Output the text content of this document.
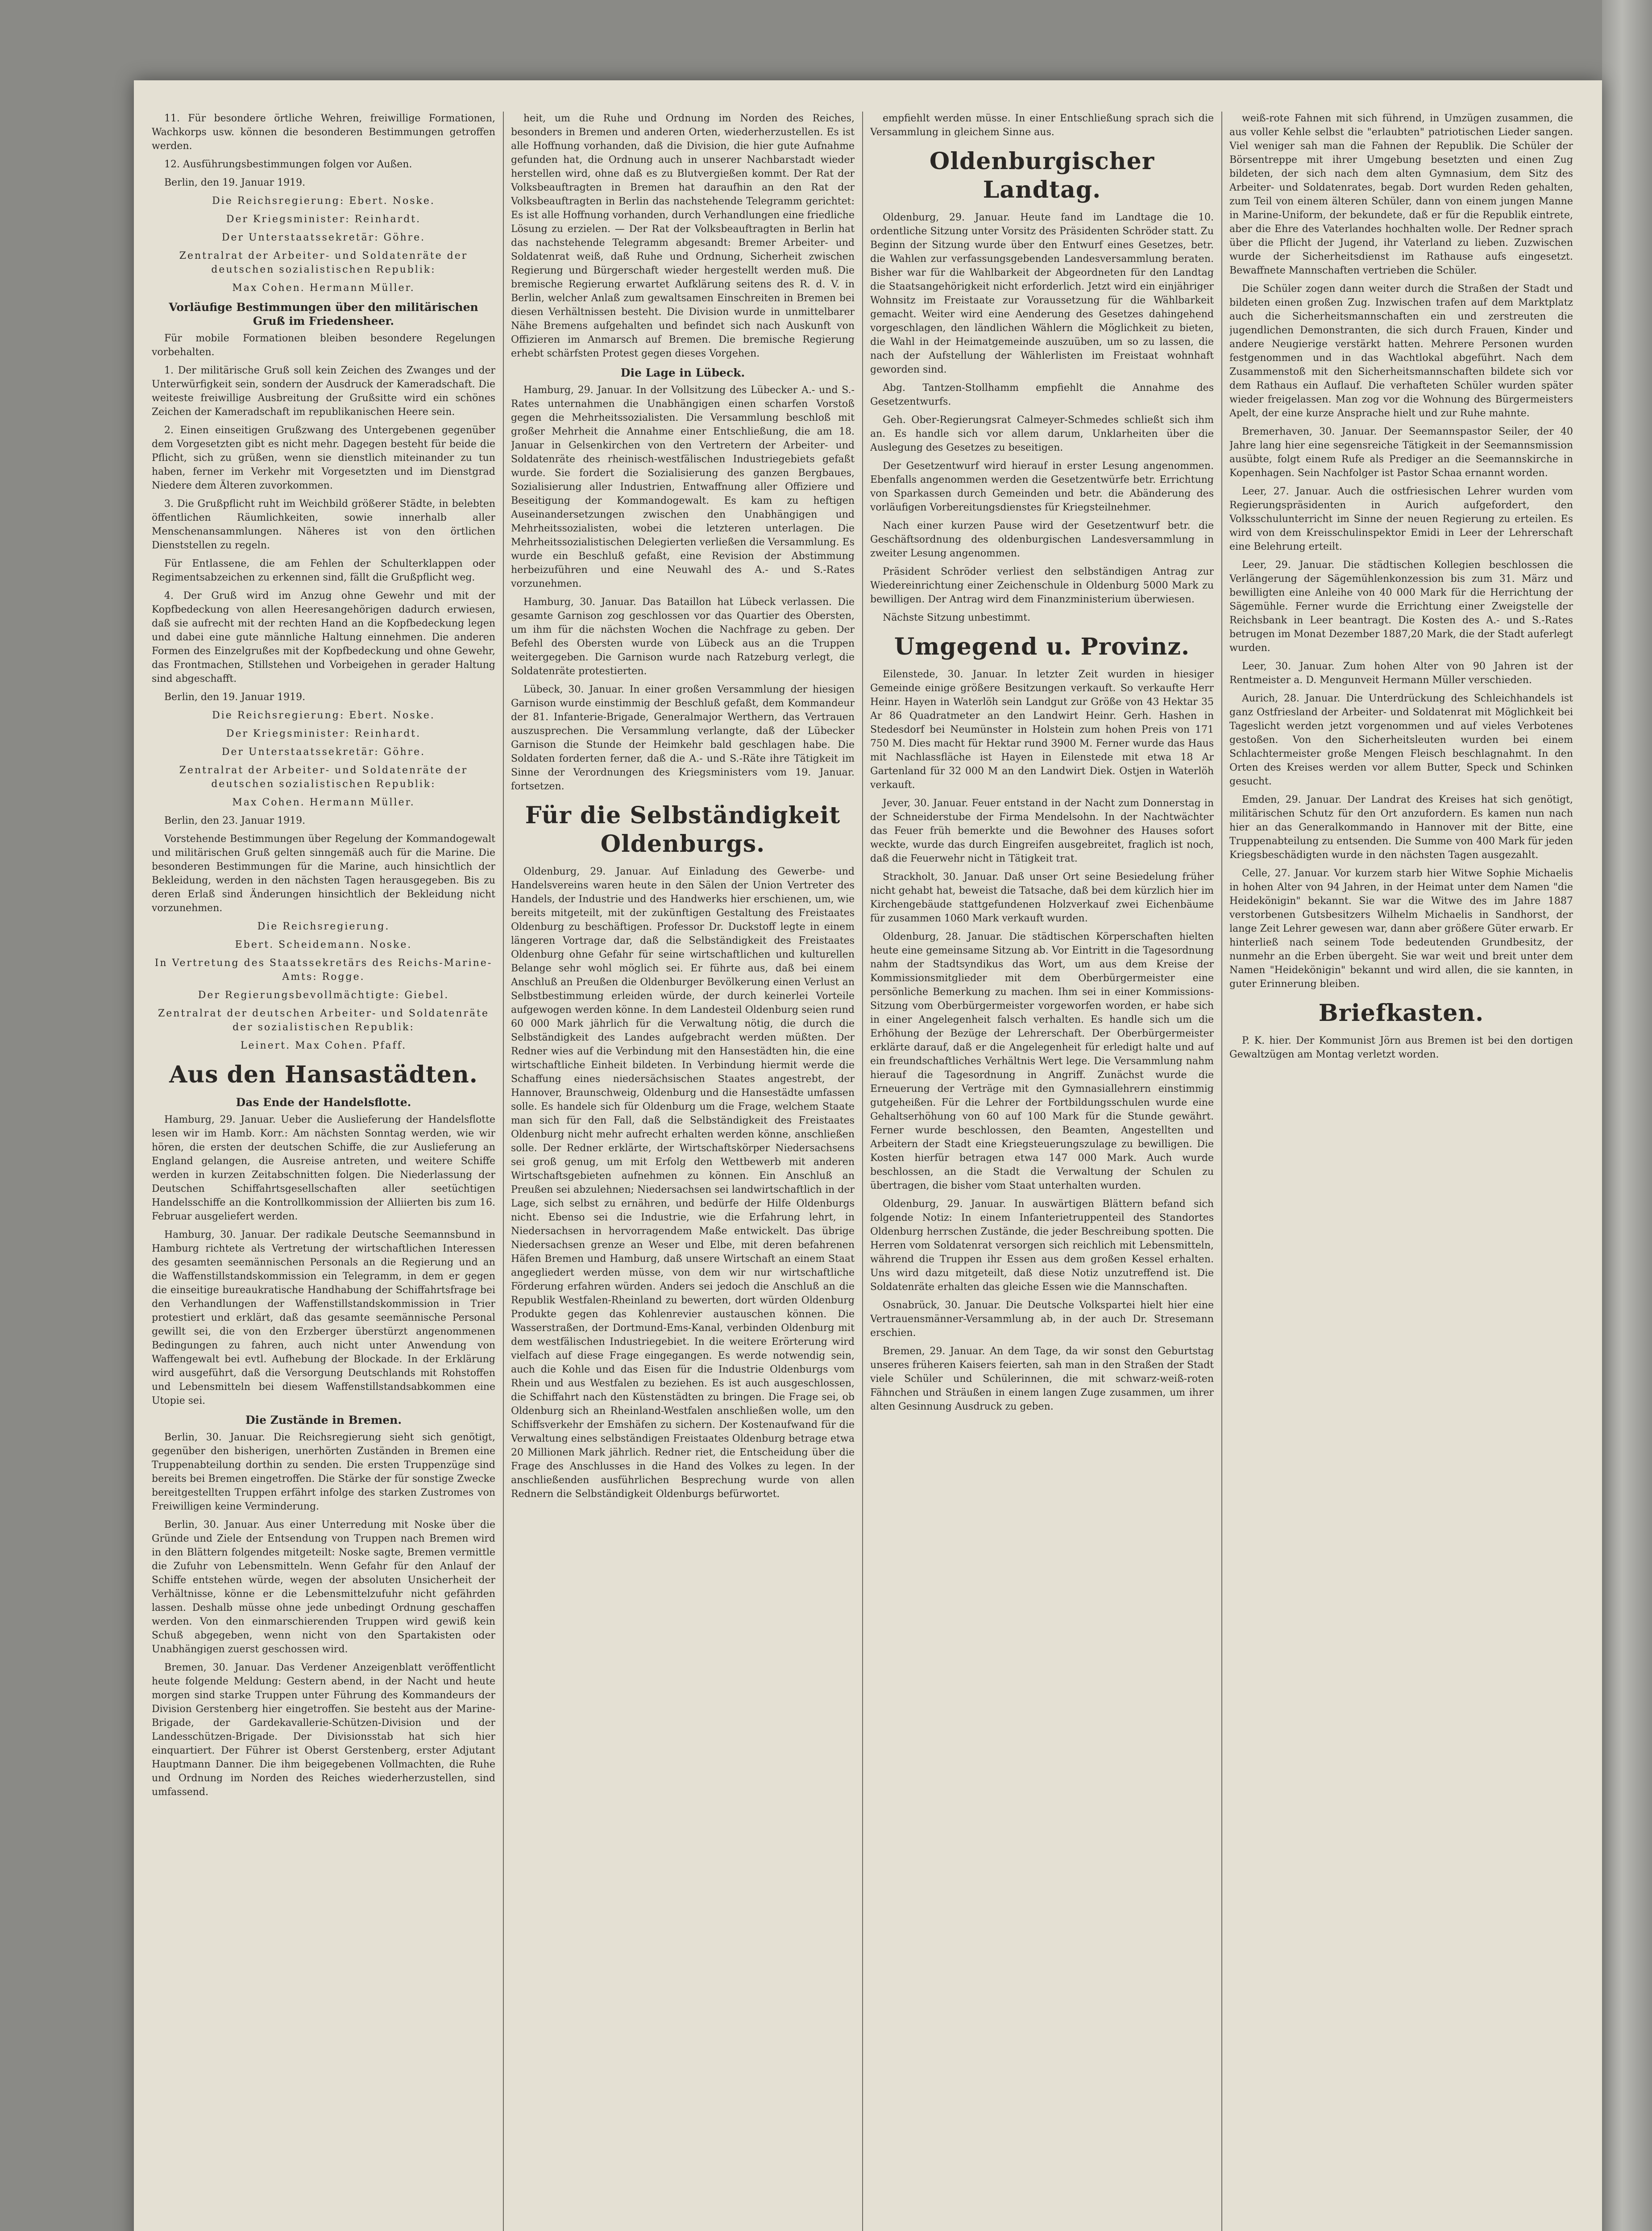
11. Für besondere örtliche Wehren, freiwillige Formationen, Wachkorps usw. können die besonderen Bestimmungen getroffen werden.

12. Ausführungsbestimmungen folgen vor Außen.

Berlin, den 19. Januar 1919.

Die Reichsregierung: Ebert. Noske.

Der Kriegsminister: Reinhardt.

Der Unterstaatssekretär: Göhre.

Zentralrat der Arbeiter- und Soldatenräte der deutschen sozialistischen Republik:

Max Cohen. Hermann Müller.

Vorläufige Bestimmungen über den militärischen Gruß im Friedensheer.

Für mobile Formationen bleiben besondere Regelungen vorbehalten.

1. Der militärische Gruß soll kein Zeichen des Zwanges und der Unterwürfigkeit sein, sondern der Ausdruck der Kameradschaft. Die weiteste freiwillige Ausbreitung der Grußsitte wird ein schönes Zeichen der Kameradschaft im republikanischen Heere sein.

2. Einen einseitigen Grußzwang des Untergebenen gegenüber dem Vorgesetzten gibt es nicht mehr. Dagegen besteht für beide die Pflicht, sich zu grüßen, wenn sie dienstlich miteinander zu tun haben, ferner im Verkehr mit Vorgesetzten und im Dienstgrad Niedere dem Älteren zuvorkommen.

3. Die Grußpflicht ruht im Weichbild größerer Städte, in belebten öffentlichen Räumlichkeiten, sowie innerhalb aller Menschenansammlungen. Näheres ist von den örtlichen Dienststellen zu regeln.

Für Entlassene, die am Fehlen der Schulterklappen oder Regimentsabzeichen zu erkennen sind, fällt die Grußpflicht weg.

4. Der Gruß wird im Anzug ohne Gewehr und mit der Kopfbedeckung von allen Heeresangehörigen dadurch erwiesen, daß sie aufrecht mit der rechten Hand an die Kopfbedeckung legen und dabei eine gute männliche Haltung einnehmen. Die anderen Formen des Einzelgrußes mit der Kopfbedeckung und ohne Gewehr, das Frontmachen, Stillstehen und Vorbeigehen in gerader Haltung sind abgeschafft.

Berlin, den 19. Januar 1919.

Die Reichsregierung: Ebert. Noske.

Der Kriegsminister: Reinhardt.

Der Unterstaatssekretär: Göhre.

Zentralrat der Arbeiter- und Soldatenräte der deutschen sozialistischen Republik:

Max Cohen. Hermann Müller.

Berlin, den 23. Januar 1919.

Vorstehende Bestimmungen über Regelung der Kommandogewalt und militärischen Gruß gelten sinngemäß auch für die Marine. Die besonderen Bestimmungen für die Marine, auch hinsichtlich der Bekleidung, werden in den nächsten Tagen herausgegeben. Bis zu deren Erlaß sind Änderungen hinsichtlich der Bekleidung nicht vorzunehmen.

Die Reichsregierung.

Ebert. Scheidemann. Noske.

In Vertretung des Staatssekretärs des Reichs-Marine-Amts: Rogge.

Der Regierungsbevollmächtigte: Giebel.

Zentralrat der deutschen Arbeiter- und Soldatenräte der sozialistischen Republik:

Leinert. Max Cohen. Pfaff.

Aus den Hansastädten.
Das Ende der Handelsflotte.

Hamburg, 29. Januar. Ueber die Auslieferung der Handelsflotte lesen wir im Hamb. Korr.: Am nächsten Sonntag werden, wie wir hören, die ersten der deutschen Schiffe, die zur Auslieferung an England gelangen, die Ausreise antreten, und weitere Schiffe werden in kurzen Zeitabschnitten folgen. Die Niederlassung der Deutschen Schiffahrtsgesellschaften aller seetüchtigen Handelsschiffe an die Kontrollkommission der Alliierten bis zum 16. Februar ausgeliefert werden.

Hamburg, 30. Januar. Der radikale Deutsche Seemannsbund in Hamburg richtete als Vertretung der wirtschaftlichen Interessen des gesamten seemännischen Personals an die Regierung und an die Waffenstillstandskommission ein Telegramm, in dem er gegen die einseitige bureaukratische Handhabung der Schiffahrtsfrage bei den Verhandlungen der Waffenstillstandskommission in Trier protestiert und erklärt, daß das gesamte seemännische Personal gewillt sei, die von den Erzberger überstürzt angenommenen Bedingungen zu fahren, auch nicht unter Anwendung von Waffengewalt bei evtl. Aufhebung der Blockade. In der Erklärung wird ausgeführt, daß die Versorgung Deutschlands mit Rohstoffen und Lebensmitteln bei diesem Waffenstillstandsabkommen eine Utopie sei.

Die Zustände in Bremen.

Berlin, 30. Januar. Die Reichsregierung sieht sich genötigt, gegenüber den bisherigen, unerhörten Zuständen in Bremen eine Truppenabteilung dorthin zu senden. Die ersten Truppenzüge sind bereits bei Bremen eingetroffen. Die Stärke der für sonstige Zwecke bereitgestellten Truppen erfährt infolge des starken Zustromes von Freiwilligen keine Verminderung.

Berlin, 30. Januar. Aus einer Unterredung mit Noske über die Gründe und Ziele der Entsendung von Truppen nach Bremen wird in den Blättern folgendes mitgeteilt: Noske sagte, Bremen vermittle die Zufuhr von Lebensmitteln. Wenn Gefahr für den Anlauf der Schiffe entstehen würde, wegen der absoluten Unsicherheit der Verhältnisse, könne er die Lebensmittelzufuhr nicht gefährden lassen. Deshalb müsse ohne jede unbedingt Ordnung geschaffen werden. Von den einmarschierenden Truppen wird gewiß kein Schuß abgegeben, wenn nicht von den Spartakisten oder Unabhängigen zuerst geschossen wird.

Bremen, 30. Januar. Das Verdener Anzeigenblatt veröffentlicht heute folgende Meldung: Gestern abend, in der Nacht und heute morgen sind starke Truppen unter Führung des Kommandeurs der Division Gerstenberg hier eingetroffen. Sie besteht aus der Marine-Brigade, der Gardekavallerie-Schützen-Division und der Landesschützen-Brigade. Der Divisionsstab hat sich hier einquartiert. Der Führer ist Oberst Gerstenberg, erster Adjutant Hauptmann Danner. Die ihm beigegebenen Vollmachten, die Ruhe und Ordnung im Norden des Reiches wiederherzustellen, sind umfassend.

heit, um die Ruhe und Ordnung im Norden des Reiches, besonders in Bremen und anderen Orten, wiederherzustellen. Es ist alle Hoffnung vorhanden, daß die Division, die hier gute Aufnahme gefunden hat, die Ordnung auch in unserer Nachbarstadt wieder herstellen wird, ohne daß es zu Blutvergießen kommt. Der Rat der Volksbeauftragten in Bremen hat daraufhin an den Rat der Volksbeauftragten in Berlin das nachstehende Telegramm gerichtet: Es ist alle Hoffnung vorhanden, durch Verhandlungen eine friedliche Lösung zu erzielen. — Der Rat der Volksbeauftragten in Berlin hat das nachstehende Telegramm abgesandt: Bremer Arbeiter- und Soldatenrat weiß, daß Ruhe und Ordnung, Sicherheit zwischen Regierung und Bürgerschaft wieder hergestellt werden muß. Die bremische Regierung erwartet Aufklärung seitens des R. d. V. in Berlin, welcher Anlaß zum gewaltsamen Einschreiten in Bremen bei diesen Verhältnissen besteht. Die Division wurde in unmittelbarer Nähe Bremens aufgehalten und befindet sich nach Auskunft von Offizieren im Anmarsch auf Bremen. Die bremische Regierung erhebt schärfsten Protest gegen dieses Vorgehen.

Die Lage in Lübeck.

Hamburg, 29. Januar. In der Vollsitzung des Lübecker A.- und S.-Rates unternahmen die Unabhängigen einen scharfen Vorstoß gegen die Mehrheitssozialisten. Die Versammlung beschloß mit großer Mehrheit die Annahme einer Entschließung, die am 18. Januar in Gelsenkirchen von den Vertretern der Arbeiter- und Soldatenräte des rheinisch-westfälischen Industriegebiets gefaßt wurde. Sie fordert die Sozialisierung des ganzen Bergbaues, Sozialisierung aller Industrien, Entwaffnung aller Offiziere und Beseitigung der Kommandogewalt. Es kam zu heftigen Auseinandersetzungen zwischen den Unabhängigen und Mehrheitssozialisten, wobei die letzteren unterlagen. Die Mehrheitssozialistischen Delegierten verließen die Versammlung. Es wurde ein Beschluß gefaßt, eine Revision der Abstimmung herbeizuführen und eine Neuwahl des A.- und S.-Rates vorzunehmen.

Hamburg, 30. Januar. Das Bataillon hat Lübeck verlassen. Die gesamte Garnison zog geschlossen vor das Quartier des Obersten, um ihm für die nächsten Wochen die Nachfrage zu geben. Der Befehl des Obersten wurde von Lübeck aus an die Truppen weitergegeben. Die Garnison wurde nach Ratzeburg verlegt, die Soldatenräte protestierten.

Lübeck, 30. Januar. In einer großen Versammlung der hiesigen Garnison wurde einstimmig der Beschluß gefaßt, dem Kommandeur der 81. Infanterie-Brigade, Generalmajor Werthern, das Vertrauen auszusprechen. Die Versammlung verlangte, daß der Lübecker Garnison die Stunde der Heimkehr bald geschlagen habe. Die Soldaten forderten ferner, daß die A.- und S.-Räte ihre Tätigkeit im Sinne der Verordnungen des Kriegsministers vom 19. Januar. fortsetzen.

Für die Selbständigkeit Oldenburgs.

Oldenburg, 29. Januar. Auf Einladung des Gewerbe- und Handelsvereins waren heute in den Sälen der Union Vertreter des Handels, der Industrie und des Handwerks hier erschienen, um, wie bereits mitgeteilt, mit der zukünftigen Gestaltung des Freistaates Oldenburg zu beschäftigen. Professor Dr. Duckstoff legte in einem längeren Vortrage dar, daß die Selbständigkeit des Freistaates Oldenburg ohne Gefahr für seine wirtschaftlichen und kulturellen Belange sehr wohl möglich sei. Er führte aus, daß bei einem Anschluß an Preußen die Oldenburger Bevölkerung einen Verlust an Selbstbestimmung erleiden würde, der durch keinerlei Vorteile aufgewogen werden könne. In dem Landesteil Oldenburg seien rund 60 000 Mark jährlich für die Verwaltung nötig, die durch die Selbständigkeit des Landes aufgebracht werden müßten. Der Redner wies auf die Verbindung mit den Hansestädten hin, die eine wirtschaftliche Einheit bildeten. In Verbindung hiermit werde die Schaffung eines niedersächsischen Staates angestrebt, der Hannover, Braunschweig, Oldenburg und die Hansestädte umfassen solle. Es handele sich für Oldenburg um die Frage, welchem Staate man sich für den Fall, daß die Selbständigkeit des Freistaates Oldenburg nicht mehr aufrecht erhalten werden könne, anschließen solle. Der Redner erklärte, der Wirtschaftskörper Niedersachsens sei groß genug, um mit Erfolg den Wettbewerb mit anderen Wirtschaftsgebieten aufnehmen zu können. Ein Anschluß an Preußen sei abzulehnen; Niedersachsen sei landwirtschaftlich in der Lage, sich selbst zu ernähren, und bedürfe der Hilfe Oldenburgs nicht. Ebenso sei die Industrie, wie die Erfahrung lehrt, in Niedersachsen in hervorragendem Maße entwickelt. Das übrige Niedersachsen grenze an Weser und Elbe, mit deren befahrenen Häfen Bremen und Hamburg, daß unsere Wirtschaft an einem Staat angegliedert werden müsse, von dem wir nur wirtschaftliche Förderung erfahren würden. Anders sei jedoch die Anschluß an die Republik Westfalen-Rheinland zu bewerten, dort würden Oldenburg Produkte gegen das Kohlenrevier austauschen können. Die Wasserstraßen, der Dortmund-Ems-Kanal, verbinden Oldenburg mit dem westfälischen Industriegebiet. In die weitere Erörterung wird vielfach auf diese Frage eingegangen. Es werde notwendig sein, auch die Kohle und das Eisen für die Industrie Oldenburgs vom Rhein und aus Westfalen zu beziehen. Es ist auch ausgeschlossen, die Schiffahrt nach den Küstenstädten zu bringen. Die Frage sei, ob Oldenburg sich an Rheinland-Westfalen anschließen wolle, um den Schiffsverkehr der Emshäfen zu sichern. Der Kostenaufwand für die Verwaltung eines selbständigen Freistaates Oldenburg betrage etwa 20 Millionen Mark jährlich. Redner riet, die Entscheidung über die Frage des Anschlusses in die Hand des Volkes zu legen. In der anschließenden ausführlichen Besprechung wurde von allen Rednern die Selbständigkeit Oldenburgs befürwortet.

empfiehlt werden müsse. In einer Entschließung sprach sich die Versammlung in gleichem Sinne aus.

Oldenburgischer Landtag.

Oldenburg, 29. Januar. Heute fand im Landtage die 10. ordentliche Sitzung unter Vorsitz des Präsidenten Schröder statt. Zu Beginn der Sitzung wurde über den Entwurf eines Gesetzes, betr. die Wahlen zur verfassungsgebenden Landesversammlung beraten. Bisher war für die Wahlbarkeit der Abgeordneten für den Landtag die Staatsangehörigkeit nicht erforderlich. Jetzt wird ein einjähriger Wohnsitz im Freistaate zur Voraussetzung für die Wählbarkeit gemacht. Weiter wird eine Aenderung des Gesetzes dahingehend vorgeschlagen, den ländlichen Wählern die Möglichkeit zu bieten, die Wahl in der Heimatgemeinde auszuüben, um so zu lassen, die nach der Aufstellung der Wählerlisten im Freistaat wohnhaft geworden sind.

Abg. Tantzen-Stollhamm empfiehlt die Annahme des Gesetzentwurfs.

Geh. Ober-Regierungsrat Calmeyer-Schmedes schließt sich ihm an. Es handle sich vor allem darum, Unklarheiten über die Auslegung des Gesetzes zu beseitigen.

Der Gesetzentwurf wird hierauf in erster Lesung angenommen. Ebenfalls angenommen werden die Gesetzentwürfe betr. Errichtung von Sparkassen durch Gemeinden und betr. die Abänderung des vorläufigen Vorbereitungsdienstes für Kriegsteilnehmer.

Nach einer kurzen Pause wird der Gesetzentwurf betr. die Geschäftsordnung des oldenburgischen Landesversammlung in zweiter Lesung angenommen.

Präsident Schröder verliest den selbständigen Antrag zur Wiedereinrichtung einer Zeichenschule in Oldenburg 5000 Mark zu bewilligen. Der Antrag wird dem Finanzministerium überwiesen.

Nächste Sitzung unbestimmt.

Umgegend u. Provinz.

Eilenstede, 30. Januar. In letzter Zeit wurden in hiesiger Gemeinde einige größere Besitzungen verkauft. So verkaufte Herr Heinr. Hayen in Waterlöh sein Landgut zur Größe von 43 Hektar 35 Ar 86 Quadratmeter an den Landwirt Heinr. Gerh. Hashen in Stedesdorf bei Neumünster in Holstein zum hohen Preis von 171 750 M. Dies macht für Hektar rund 3900 M. Ferner wurde das Haus mit Nachlassfläche ist Hayen in Eilenstede mit etwa 18 Ar Gartenland für 32 000 M an den Landwirt Diek. Ostjen in Waterlöh verkauft.

Jever, 30. Januar. Feuer entstand in der Nacht zum Donnerstag in der Schneiderstube der Firma Mendelsohn. In der Nachtwächter das Feuer früh bemerkte und die Bewohner des Hauses sofort weckte, wurde das durch Eingreifen ausgebreitet, fraglich ist noch, daß die Feuerwehr nicht in Tätigkeit trat.

Strackholt, 30. Januar. Daß unser Ort seine Besiedelung früher nicht gehabt hat, beweist die Tatsache, daß bei dem kürzlich hier im Kirchengebäude stattgefundenen Holzverkauf zwei Eichenbäume für zusammen 1060 Mark verkauft wurden.

Oldenburg, 28. Januar. Die städtischen Körperschaften hielten heute eine gemeinsame Sitzung ab. Vor Eintritt in die Tagesordnung nahm der Stadtsyndikus das Wort, um aus dem Kreise der Kommissionsmitglieder mit dem Oberbürgermeister eine persönliche Bemerkung zu machen. Ihm sei in einer Kommissions-Sitzung vom Oberbürgermeister vorgeworfen worden, er habe sich in einer Angelegenheit falsch verhalten. Es handle sich um die Erhöhung der Bezüge der Lehrerschaft. Der Oberbürgermeister erklärte darauf, daß er die Angelegenheit für erledigt halte und auf ein freundschaftliches Verhältnis Wert lege. Die Versammlung nahm hierauf die Tagesordnung in Angriff. Zunächst wurde die Erneuerung der Verträge mit den Gymnasiallehrern einstimmig gutgeheißen. Für die Lehrer der Fortbildungsschulen wurde eine Gehaltserhöhung von 60 auf 100 Mark für die Stunde gewährt. Ferner wurde beschlossen, den Beamten, Angestellten und Arbeitern der Stadt eine Kriegsteuerungszulage zu bewilligen. Die Kosten hierfür betragen etwa 147 000 Mark. Auch wurde beschlossen, an die Stadt die Verwaltung der Schulen zu übertragen, die bisher vom Staat unterhalten wurden.

Oldenburg, 29. Januar. In auswärtigen Blättern befand sich folgende Notiz: In einem Infanterietruppenteil des Standortes Oldenburg herrschen Zustände, die jeder Beschreibung spotten. Die Herren vom Soldatenrat versorgen sich reichlich mit Lebensmitteln, während die Truppen ihr Essen aus dem großen Kessel erhalten. Uns wird dazu mitgeteilt, daß diese Notiz unzutreffend ist. Die Soldatenräte erhalten das gleiche Essen wie die Mannschaften.

Osnabrück, 30. Januar. Die Deutsche Volkspartei hielt hier eine Vertrauensmänner-Versammlung ab, in der auch Dr. Stresemann erschien.

Bremen, 29. Januar. An dem Tage, da wir sonst den Geburtstag unseres früheren Kaisers feierten, sah man in den Straßen der Stadt viele Schüler und Schülerinnen, die mit schwarz-weiß-roten Fähnchen und Sträußen in einem langen Zuge zusammen, um ihrer alten Gesinnung Ausdruck zu geben.

weiß-rote Fahnen mit sich führend, in Umzügen zusammen, die aus voller Kehle selbst die "erlaubten" patriotischen Lieder sangen. Viel weniger sah man die Fahnen der Republik. Die Schüler der Börsentreppe mit ihrer Umgebung besetzten und einen Zug bildeten, der sich nach dem alten Gymnasium, dem Sitz des Arbeiter- und Soldatenrates, begab. Dort wurden Reden gehalten, zum Teil von einem älteren Schüler, dann von einem jungen Manne in Marine-Uniform, der bekundete, daß er für die Republik eintrete, aber die Ehre des Vaterlandes hochhalten wolle. Der Redner sprach über die Pflicht der Jugend, ihr Vaterland zu lieben. Zuzwischen wurde der Sicherheitsdienst im Rathause aufs eingesetzt. Bewaffnete Mannschaften vertrieben die Schüler.

Die Schüler zogen dann weiter durch die Straßen der Stadt und bildeten einen großen Zug. Inzwischen trafen auf dem Marktplatz auch die Sicherheitsmannschaften ein und zerstreuten die jugendlichen Demonstranten, die sich durch Frauen, Kinder und andere Neugierige verstärkt hatten. Mehrere Personen wurden festgenommen und in das Wachtlokal abgeführt. Nach dem Zusammenstoß mit den Sicherheitsmannschaften bildete sich vor dem Rathaus ein Auflauf. Die verhafteten Schüler wurden später wieder freigelassen. Man zog vor die Wohnung des Bürgermeisters Apelt, der eine kurze Ansprache hielt und zur Ruhe mahnte.

Bremerhaven, 30. Januar. Der Seemannspastor Seiler, der 40 Jahre lang hier eine segensreiche Tätigkeit in der Seemannsmission ausübte, folgt einem Rufe als Prediger an die Seemannskirche in Kopenhagen. Sein Nachfolger ist Pastor Schaa ernannt worden.

Leer, 27. Januar. Auch die ostfriesischen Lehrer wurden vom Regierungspräsidenten in Aurich aufgefordert, den Volksschulunterricht im Sinne der neuen Regierung zu erteilen. Es wird von dem Kreisschulinspektor Emidi in Leer der Lehrerschaft eine Belehrung erteilt.

Leer, 29. Januar. Die städtischen Kollegien beschlossen die Verlängerung der Sägemühlenkonzession bis zum 31. März und bewilligten eine Anleihe von 40 000 Mark für die Herrichtung der Sägemühle. Ferner wurde die Errichtung einer Zweigstelle der Reichsbank in Leer beantragt. Die Kosten des A.- und S.-Rates betrugen im Monat Dezember 1887,20 Mark, die der Stadt auferlegt wurden.

Leer, 30. Januar. Zum hohen Alter von 90 Jahren ist der Rentmeister a. D. Mengunveit Hermann Müller verschieden.

Aurich, 28. Januar. Die Unterdrückung des Schleichhandels ist ganz Ostfriesland der Arbeiter- und Soldatenrat mit Möglichkeit bei Tageslicht werden jetzt vorgenommen und auf vieles Verbotenes gestoßen. Von den Sicherheitsleuten wurden bei einem Schlachtermeister große Mengen Fleisch beschlagnahmt. In den Orten des Kreises werden vor allem Butter, Speck und Schinken gesucht.

Emden, 29. Januar. Der Landrat des Kreises hat sich genötigt, militärischen Schutz für den Ort anzufordern. Es kamen nun nach hier an das Generalkommando in Hannover mit der Bitte, eine Truppenabteilung zu entsenden. Die Summe von 400 Mark für jeden Kriegsbeschädigten wurde in den nächsten Tagen ausgezahlt.

Celle, 27. Januar. Vor kurzem starb hier Witwe Sophie Michaelis in hohen Alter von 94 Jahren, in der Heimat unter dem Namen "die Heidekönigin" bekannt. Sie war die Witwe des im Jahre 1887 verstorbenen Gutsbesitzers Wilhelm Michaelis in Sandhorst, der lange Zeit Lehrer gewesen war, dann aber größere Güter erwarb. Er hinterließ nach seinem Tode bedeutenden Grundbesitz, der nunmehr an die Erben übergeht. Sie war weit und breit unter dem Namen "Heidekönigin" bekannt und wird allen, die sie kannten, in guter Erinnerung bleiben.

Briefkasten.

P. K. hier. Der Kommunist Jörn aus Bremen ist bei den dortigen Gewaltzügen am Montag verletzt worden.
